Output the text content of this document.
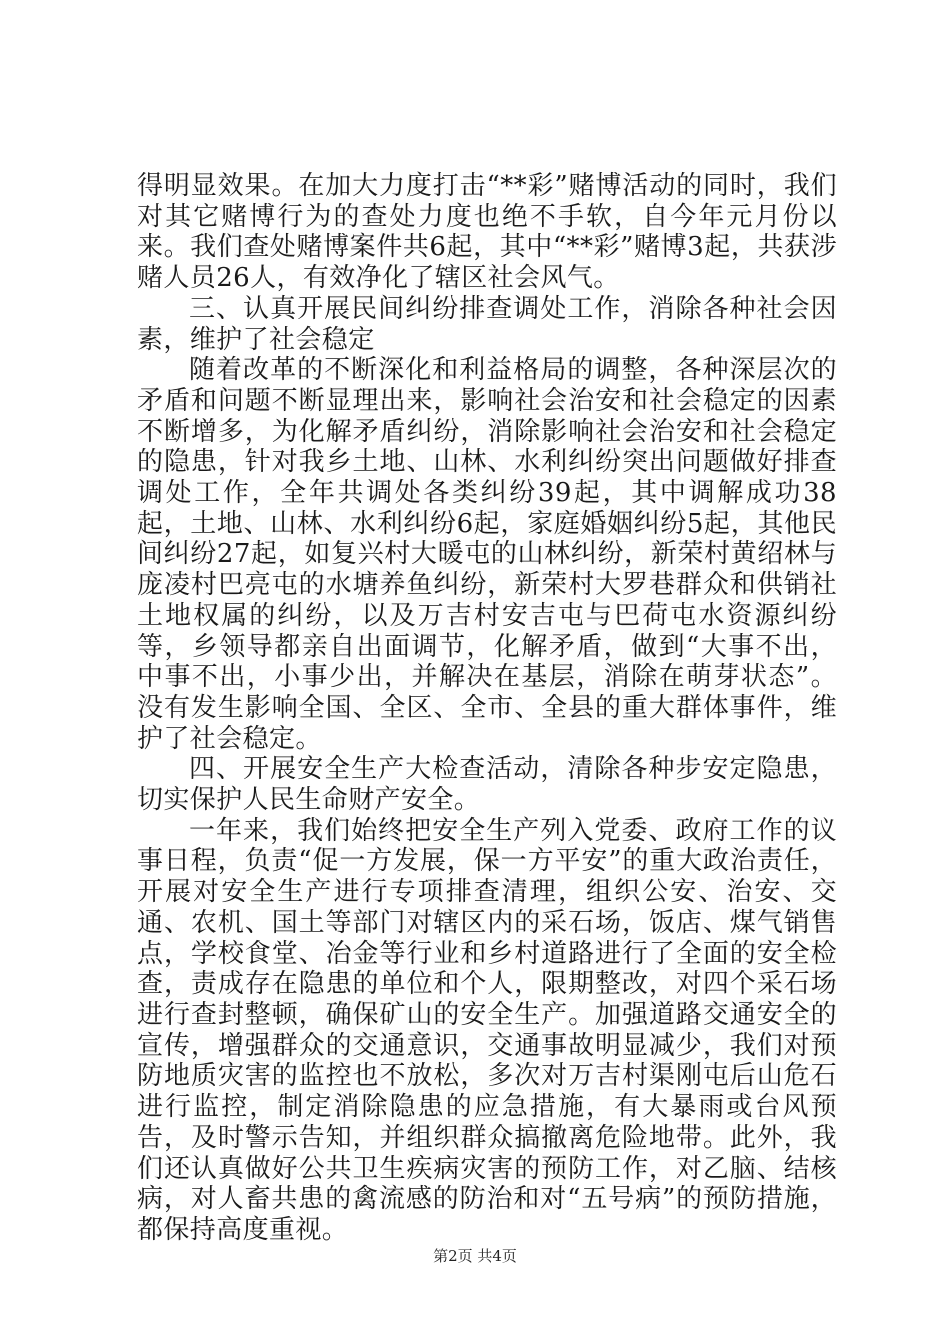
得明显效果。在加大力度打击“**彩”赌博活动的同时，我们对其它赌博行为的查处力度也绝不手软，自今年元月份以来。我们查处赌博案件共6起，其中“**彩”赌博3起，共获涉赌人员26人，有效净化了辖区社会风气。

三、认真开展民间纠纷排查调处工作，消除各种社会因素，维护了社会稳定

随着改革的不断深化和利益格局的调整，各种深层次的矛盾和问题不断显理出来，影响社会治安和社会稳定的因素不断增多，为化解矛盾纠纷，消除影响社会治安和社会稳定的隐患，针对我乡土地、山林、水利纠纷突出问题做好排查调处工作，全年共调处各类纠纷39起，其中调解成功38起，土地、山林、水利纠纷6起，家庭婚姻纠纷5起，其他民间纠纷27起，如复兴村大暖屯的山林纠纷，新荣村黄绍林与庞凌村巴亮屯的水塘养鱼纠纷，新荣村大罗巷群众和供销社土地权属的纠纷，以及万吉村安吉屯与巴荷屯水资源纠纷等，乡领导都亲自出面调节，化解矛盾，做到“大事不出，中事不出，小事少出，并解决在基层，消除在萌芽状态”。没有发生影响全国、全区、全市、全县的重大群体事件，维护了社会稳定。

四、开展安全生产大检查活动，清除各种步安定隐患，切实保护人民生命财产安全。

一年来，我们始终把安全生产列入党委、政府工作的议事日程，负责“促一方发展，保一方平安”的重大政治责任，开展对安全生产进行专项排查清理，组织公安、治安、交通、农机、国土等部门对辖区内的采石场，饭店、煤气销售点，学校食堂、冶金等行业和乡村道路进行了全面的安全检查，责成存在隐患的单位和个人，限期整改，对四个采石场进行查封整顿，确保矿山的安全生产。加强道路交通安全的宣传，增强群众的交通意识，交通事故明显减少，我们对预防地质灾害的监控也不放松，多次对万吉村渠刚屯后山危石进行监控，制定消除隐患的应急措施，有大暴雨或台风预告，及时警示告知，并组织群众搞撤离危险地带。此外，我们还认真做好公共卫生疾病灾害的预防工作，对乙脑、结核病，对人畜共患的禽流感的防治和对“五号病”的预防措施，都保持高度重视。

第2页 共4页
